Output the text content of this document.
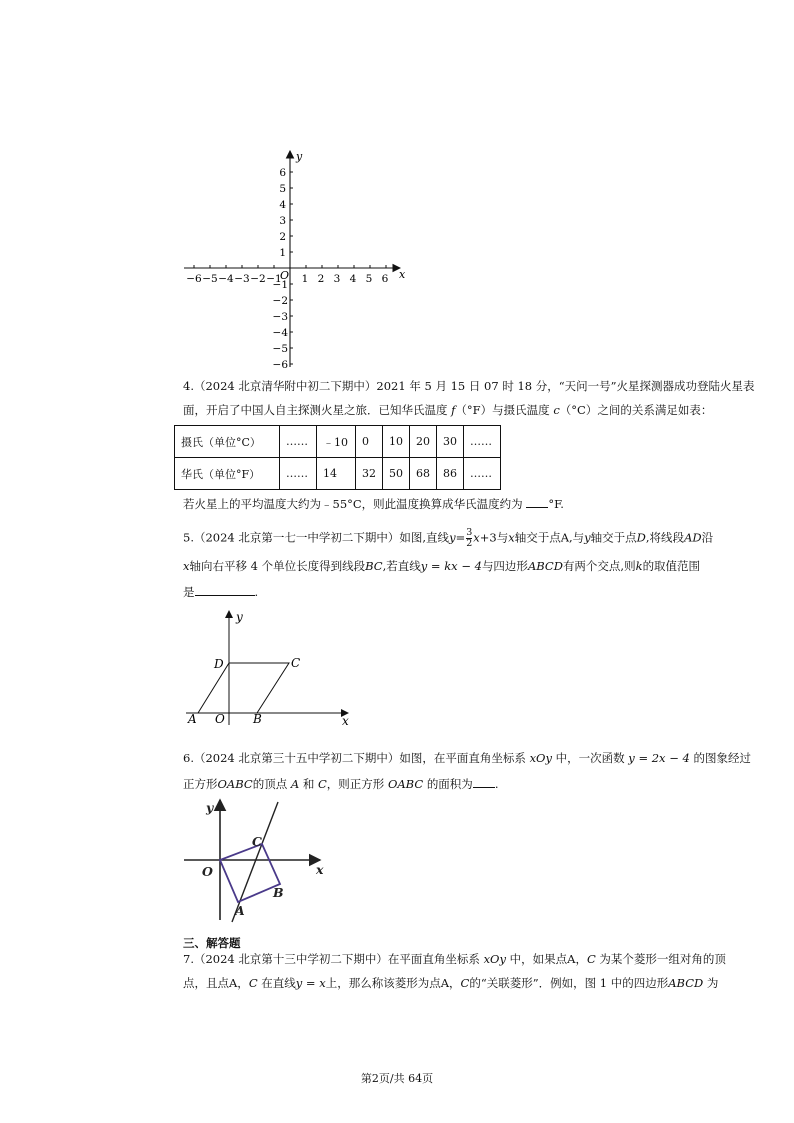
x
y
O
−6 −5 −4 −3 −2 −1 1 2 3 4 5 6
1
2
3
4
5
6
−1
−2
−3
−4
−5
−6
4.（2024 北京清华附中初二下期中）2021 年 5 月 15 日 07 时 18 分，“天问一号”火星探测器成功登陆火星表
面，开启了中国人自主探测火星之旅．已知华氏温度 f（°F）与摄氏温度 c（°C）之间的关系满足如表：
摄氏（单位°C）	……	﹣10	0	10	20	30	……
华氏（单位°F）	……	14	32	50	68	86	……
若火星上的平均温度大约为﹣55°C，则此温度换算成华氏温度约为 °F.
5.（2024 北京第一七一中学初二下期中）如图,直线$y= \frac{3}{2} x+3$与x轴交于点A,与y轴交于点D,将线段AD沿
x轴向右平移 4 个单位长度得到线段BC,若直线y = kx − 4与四边形ABCD有两个交点,则k的取值范围
是	.
y
x
D	C
A O B
6.（2024 北京第三十五中学初二下期中）如图，在平面直角坐标系 xOy 中，一次函数 y = 2x − 4 的图象经过
正方形OABC的顶点 A 和 C，则正方形 OABC 的面积为 .
y
x
O
C
B
A
三、解答题
7.（2024 北京第十三中学初二下期中）在平面直角坐标系 xOy 中，如果点A，C 为某个菱形一组对角的顶
点，且点A，C 在直线y = x上，那么称该菱形为点A，C的“关联菱形”．例如，图 1 中的四边形ABCD 为
第2页/共 64页
